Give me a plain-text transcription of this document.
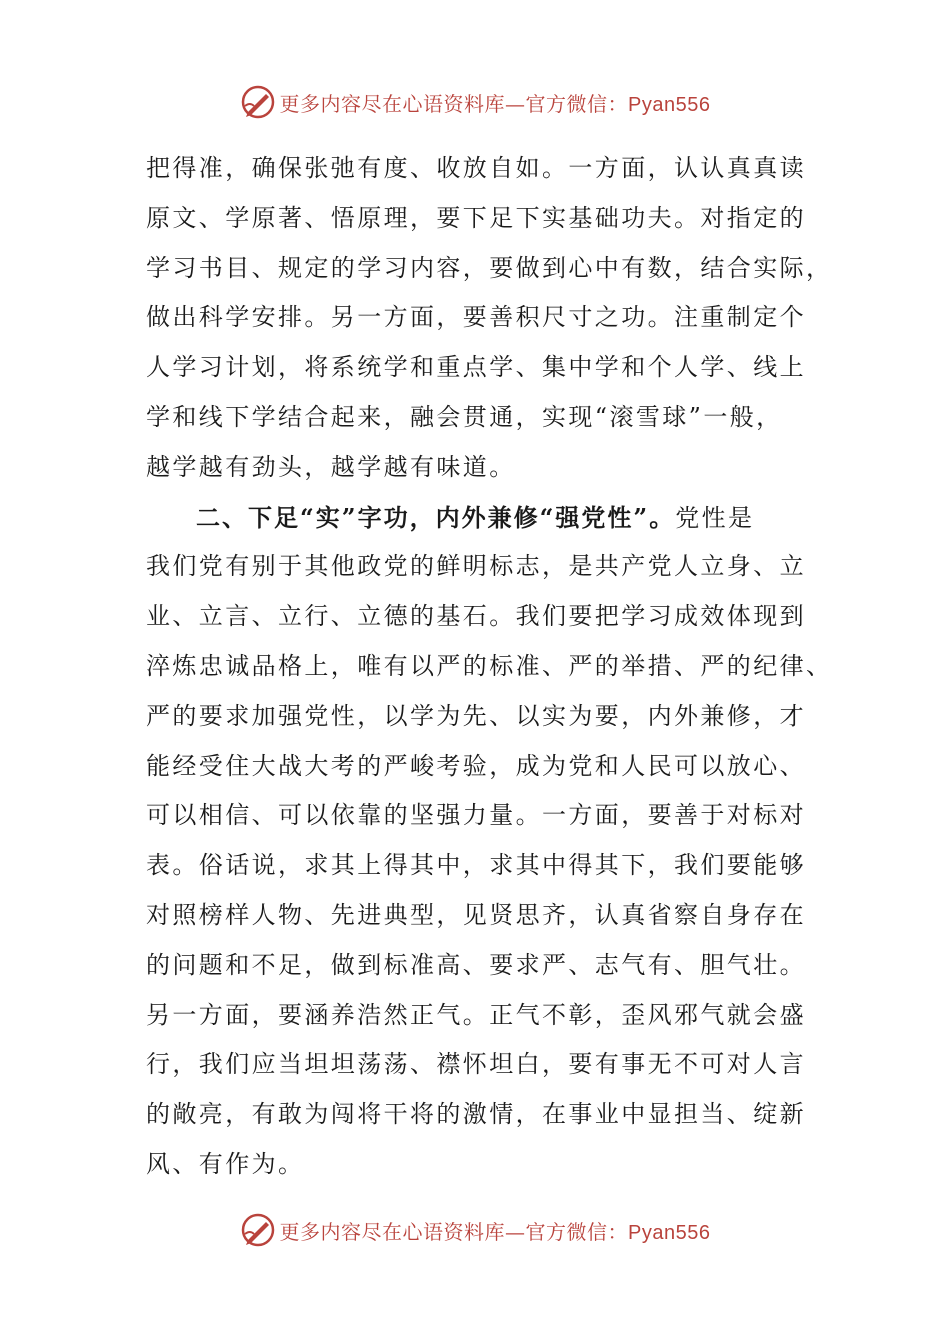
更多内容尽在心语资料库—官方微信：Pyan556
把得准，确保张弛有度、收放自如。一方面，认认真真读
原文、学原著、悟原理，要下足下实基础功夫。对指定的
学习书目、规定的学习内容，要做到心中有数，结合实际，
做出科学安排。另一方面，要善积尺寸之功。注重制定个
人学习计划，将系统学和重点学、集中学和个人学、线上
学和线下学结合起来，融会贯通，实现“滚雪球”一般，
越学越有劲头，越学越有味道。
二、下足“实”字功，内外兼修“强党性”。党性是
我们党有别于其他政党的鲜明标志，是共产党人立身、立
业、立言、立行、立德的基石。我们要把学习成效体现到
淬炼忠诚品格上，唯有以严的标准、严的举措、严的纪律、
严的要求加强党性，以学为先、以实为要，内外兼修，才
能经受住大战大考的严峻考验，成为党和人民可以放心、
可以相信、可以依靠的坚强力量。一方面，要善于对标对
表。俗话说，求其上得其中，求其中得其下，我们要能够
对照榜样人物、先进典型，见贤思齐，认真省察自身存在
的问题和不足，做到标准高、要求严、志气有、胆气壮。
另一方面，要涵养浩然正气。正气不彰，歪风邪气就会盛
行，我们应当坦坦荡荡、襟怀坦白，要有事无不可对人言
的敞亮，有敢为闯将干将的激情，在事业中显担当、绽新
风、有作为。
更多内容尽在心语资料库—官方微信：Pyan556
